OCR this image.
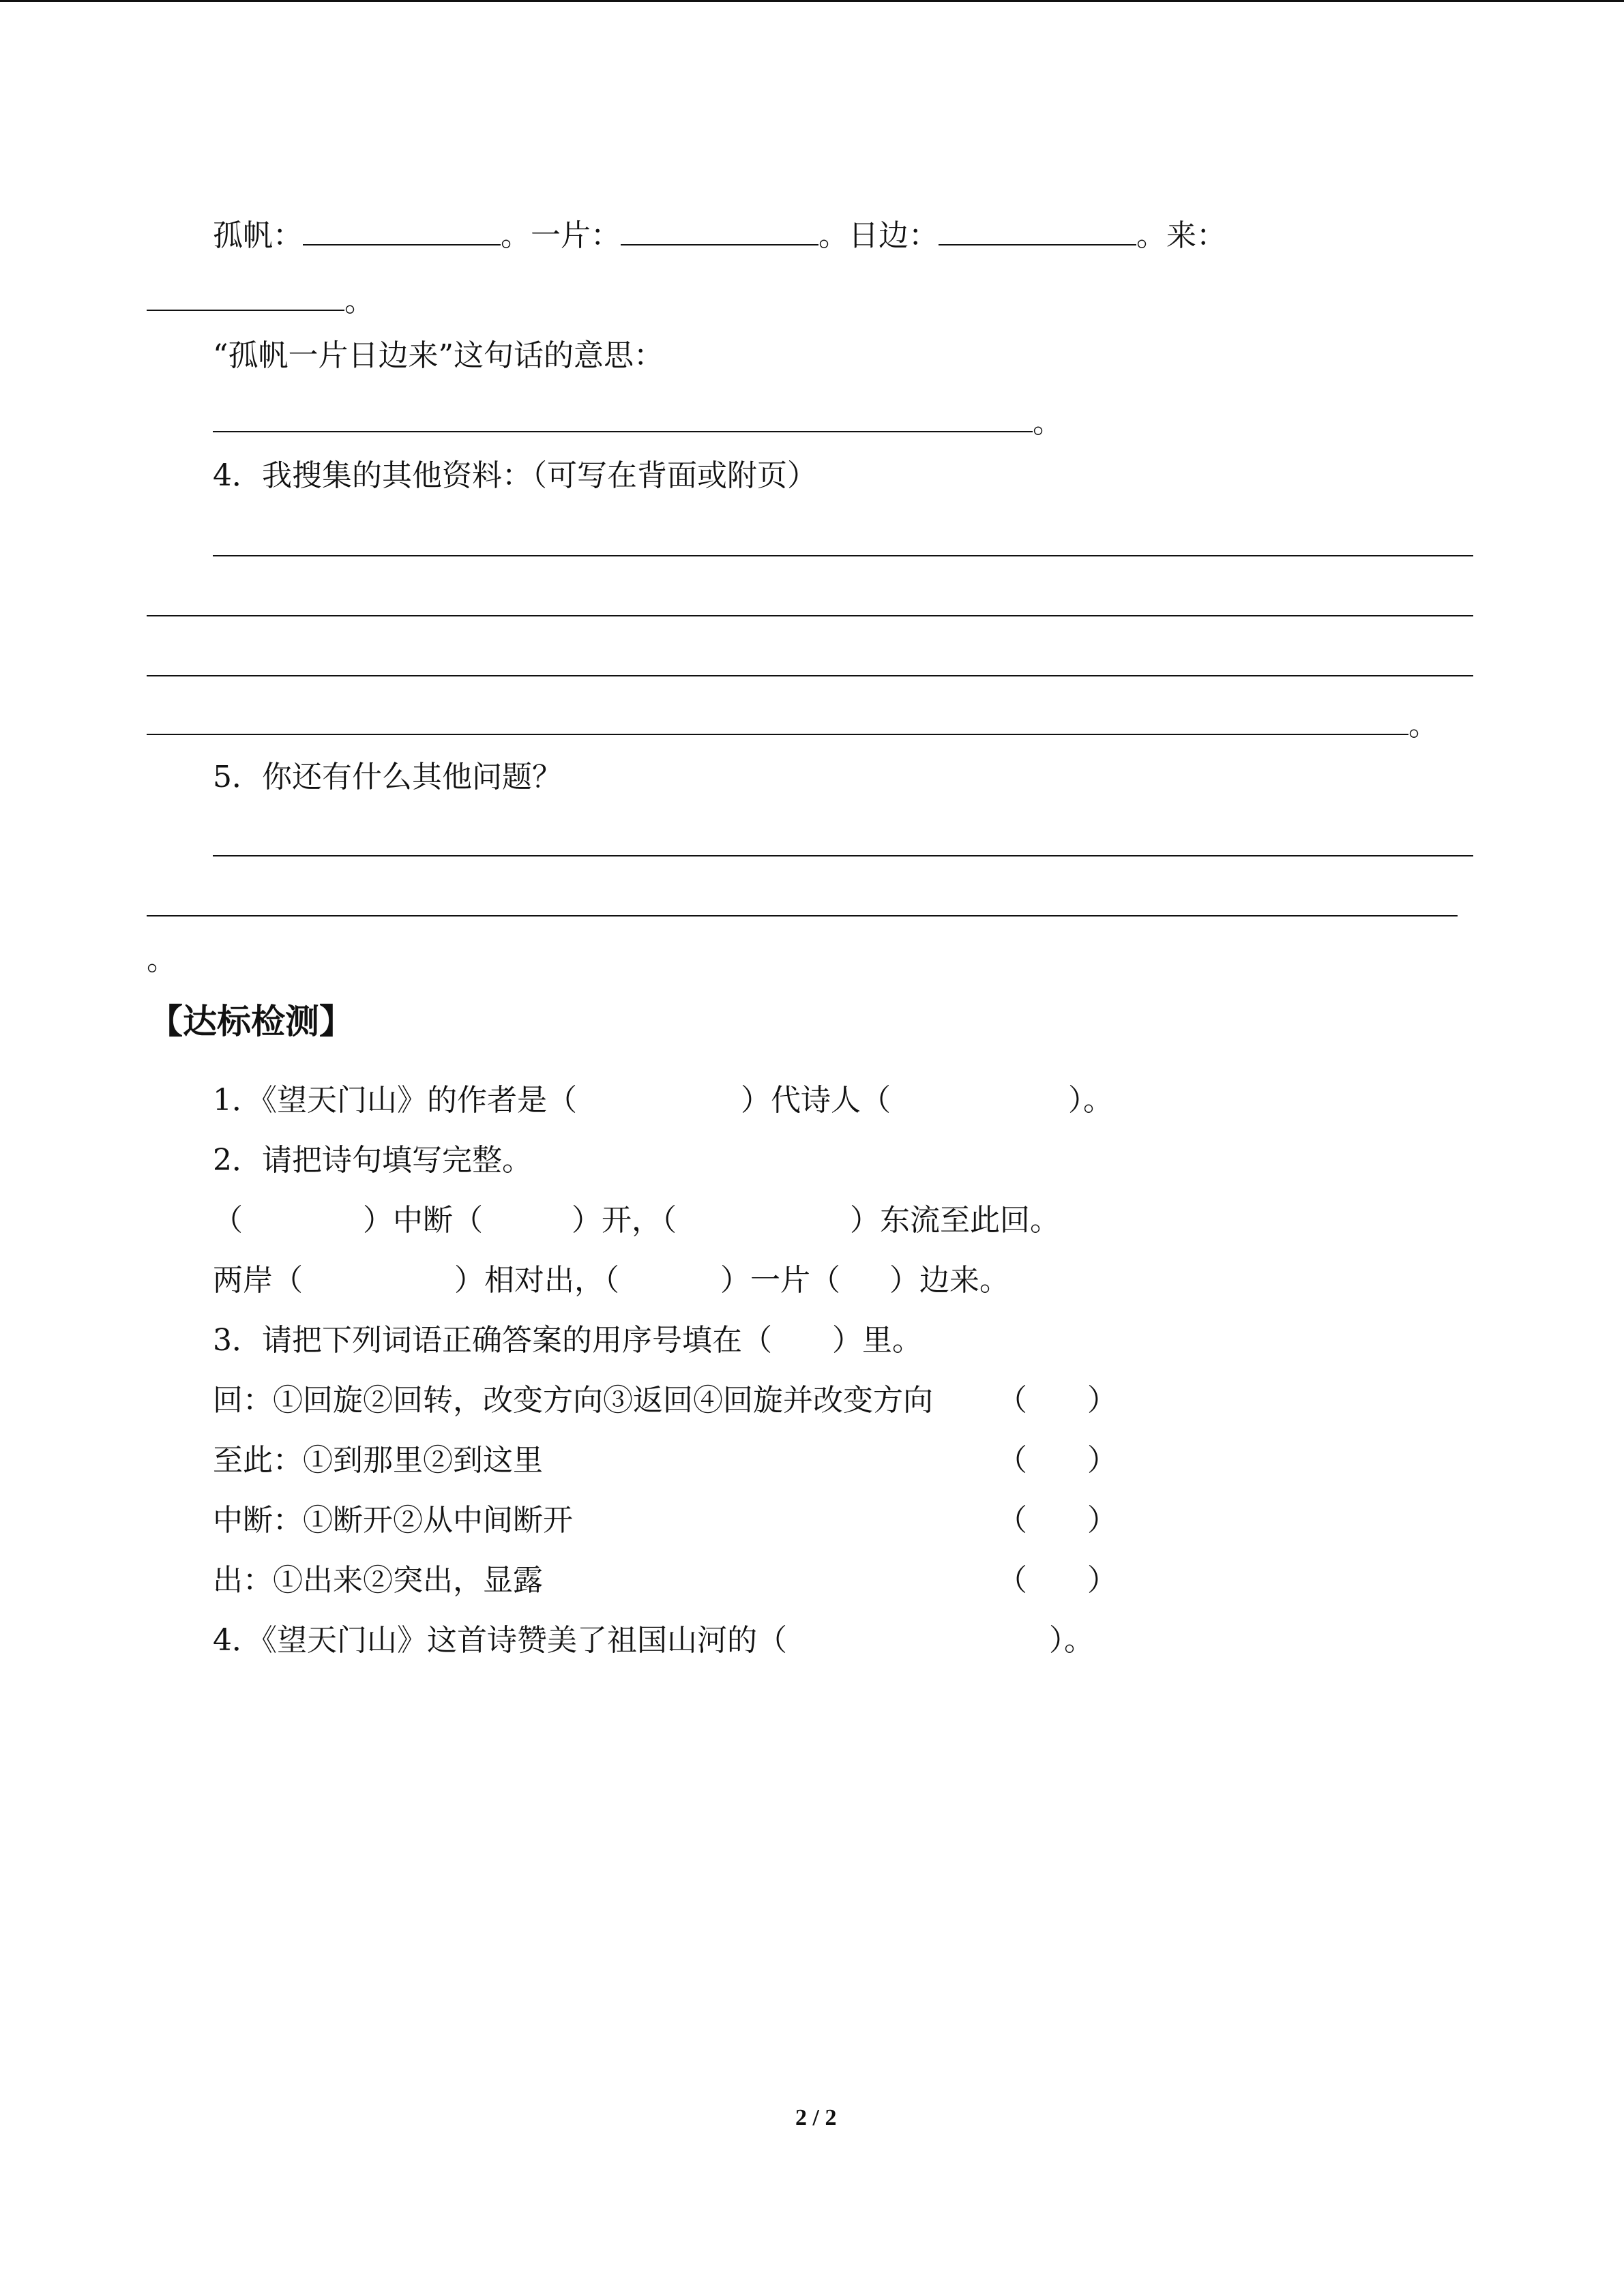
孤帆：	。一片：	。日边：	。来：
。
“孤帆一片日边来”这句话的意思：
。
4．我搜集的其他资料：（可写在背面或附页）
。
5．你还有什么其他问题？
。
【达标检测】
1．《望天门山》的作者是（	）代诗人（	）。
2．请把诗句填写完整。
（	）中断（	）开，（	）东流至此回。
两岸（	）相对出，（	）一片（ ）边来。
3．请把下列词语正确答案的用序号填在（　　）里。
回：①回旋②回转，改变方向③返回④回旋并改变方向 （　　）
至此：①到那里②到这里	（　　）
中断：①断开②从中间断开	（　　）
出：①出来②突出，显露	（　　）
4．《望天门山》这首诗赞美了祖国山河的（	）。
2 / 2
